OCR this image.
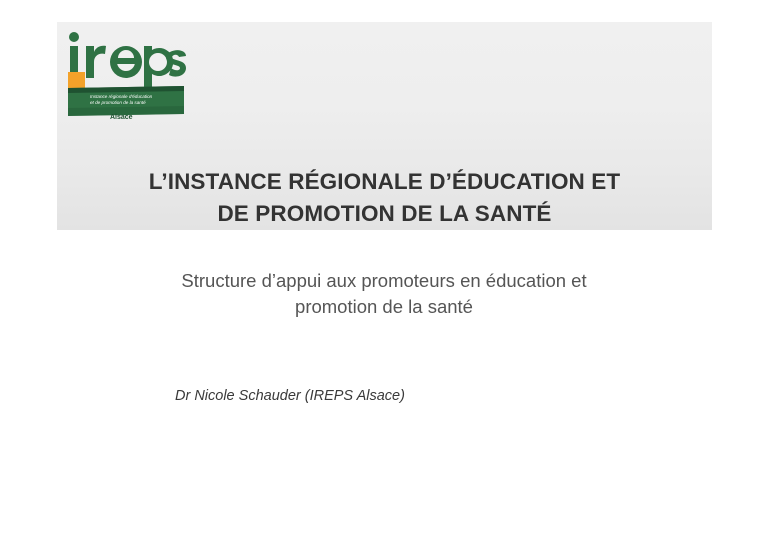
Instance régionale d'éducation
et de promotion de la santé
Alsace
L’INSTANCE RÉGIONALE D’ÉDUCATION ET
DE PROMOTION DE LA SANTÉ
Structure d’appui aux promoteurs en éducation et
promotion de la santé
Dr Nicole Schauder (IREPS Alsace)
